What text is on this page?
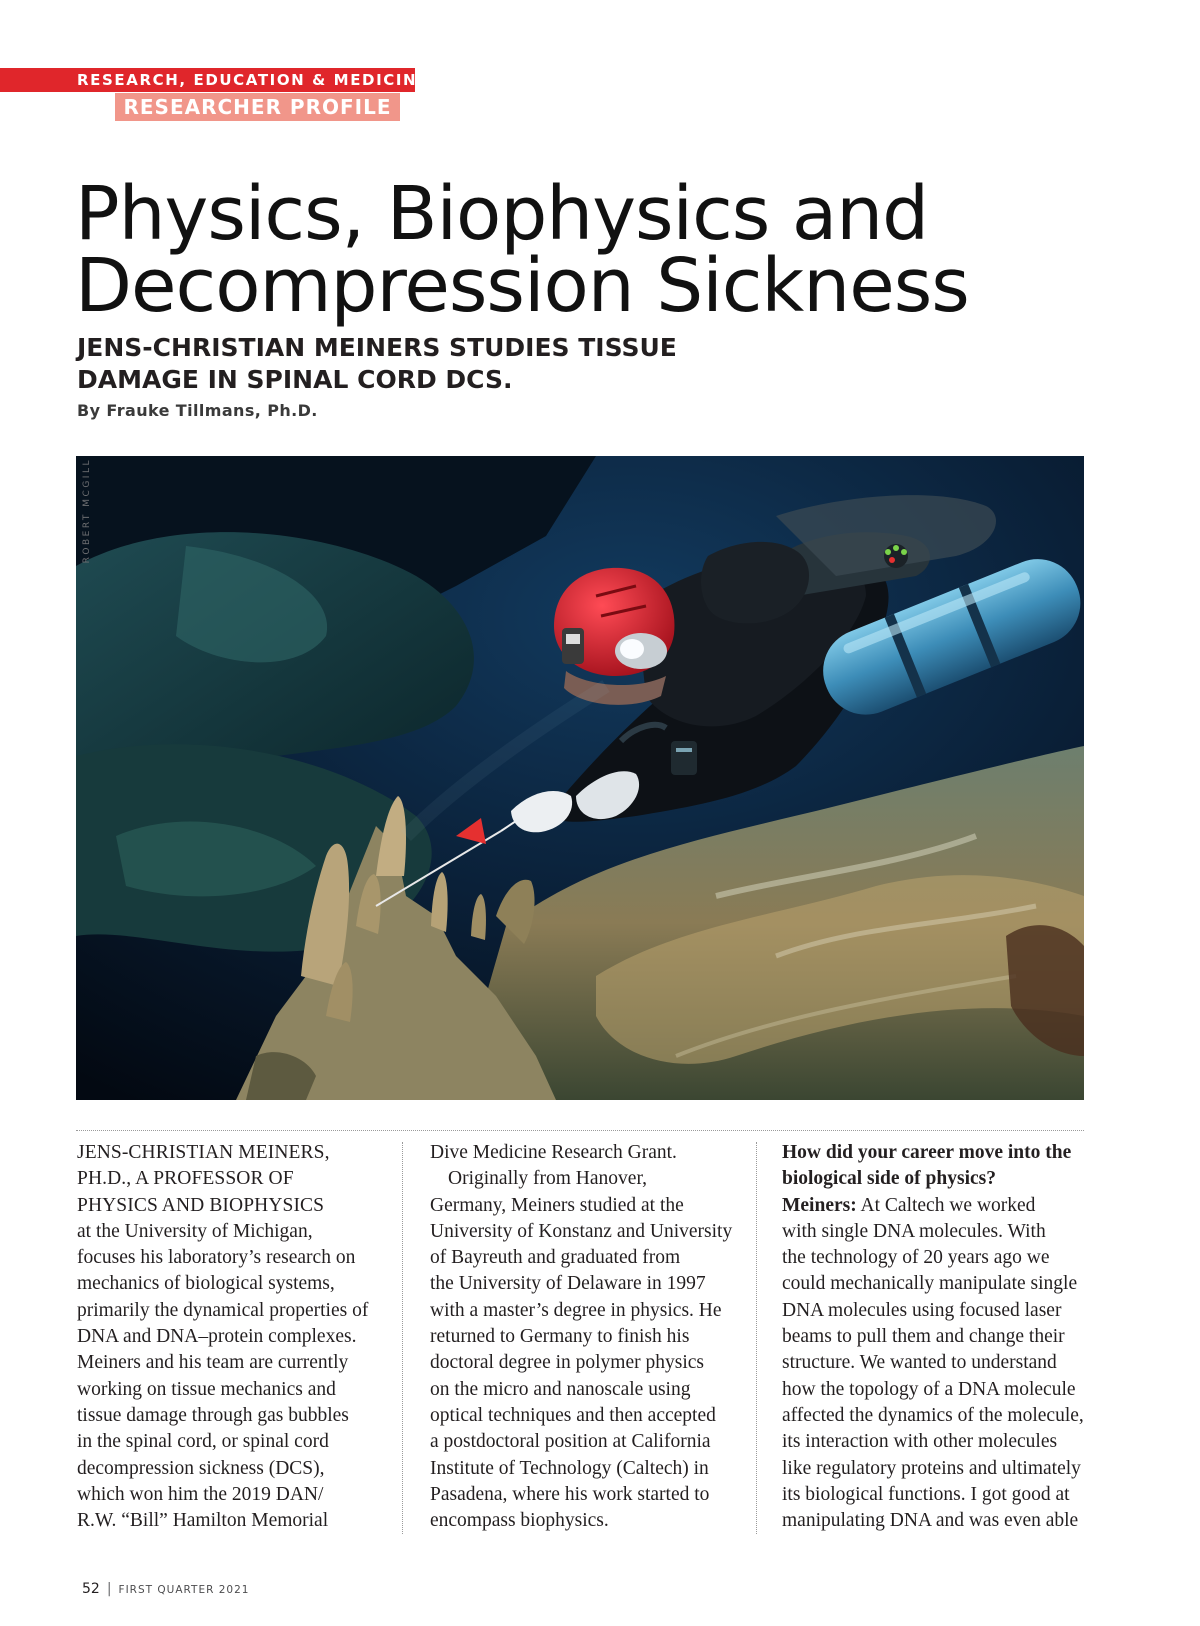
RESEARCH, EDUCATION & MEDICINE
RESEARCHER PROFILE
Physics, Biophysics and
Decompression Sickness
JENS-CHRISTIAN MEINERS STUDIES TISSUE
DAMAGE IN SPINAL CORD DCS.
By Frauke Tillmans, Ph.D.
ROBERT MCGILL
JENS-CHRISTIAN MEINERS,
PH.D., A PROFESSOR OF
PHYSICS AND BIOPHYSICS
at the University of Michigan,
focuses his laboratory’s research on
mechanics of biological systems,
primarily the dynamical properties of
DNA and DNA–protein complexes.
Meiners and his team are currently
working on tissue mechanics and
tissue damage through gas bubbles
in the spinal cord, or spinal cord
decompression sickness (DCS),
which won him the 2019 DAN/
R.W. “Bill” Hamilton Memorial
Dive Medicine Research Grant.
Originally from Hanover,
Germany, Meiners studied at the
University of Konstanz and University
of Bayreuth and graduated from
the University of Delaware in 1997
with a master’s degree in physics. He
returned to Germany to finish his
doctoral degree in polymer physics
on the micro and nanoscale using
optical techniques and then accepted
a postdoctoral position at California
Institute of Technology (Caltech) in
Pasadena, where his work started to
encompass biophysics.
How did your career move into the
biological side of physics?
Meiners: At Caltech we worked
with single DNA molecules. With
the technology of 20 years ago we
could mechanically manipulate single
DNA molecules using focused laser
beams to pull them and change their
structure. We wanted to understand
how the topology of a DNA molecule
affected the dynamics of the molecule,
its interaction with other molecules
like regulatory proteins and ultimately
its biological functions. I got good at
manipulating DNA and was even able
52 | FIRST QUARTER 2021
